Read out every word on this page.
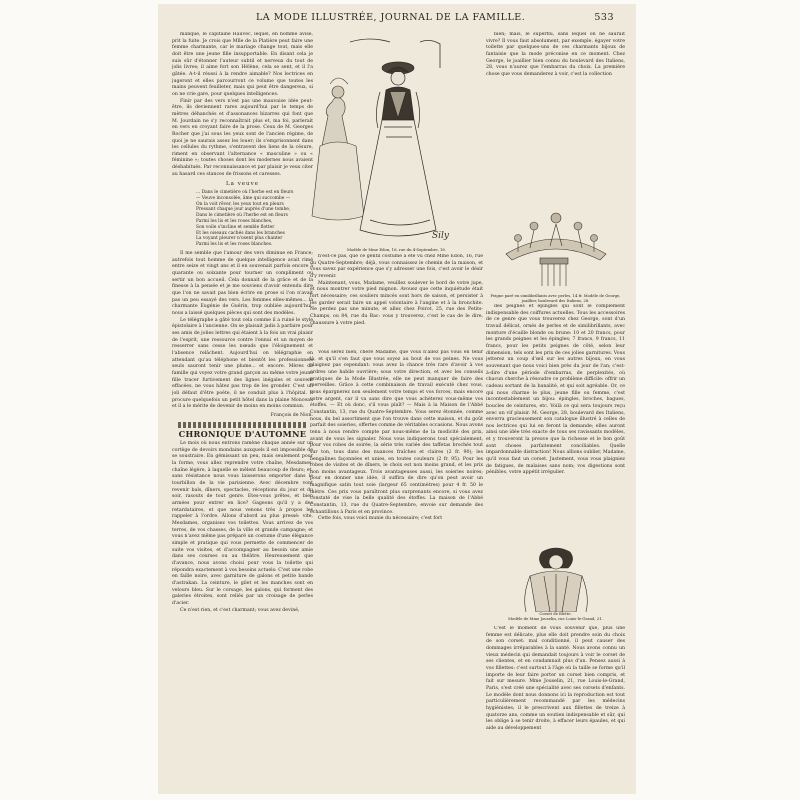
LA MODE ILLUSTRÉE, JOURNAL DE LA FAMILLE.	533

manqué, le capitaine Hauvec, lequel, en homme avisé, prit la fuite. Je crois que Mlle de la Platière peut faire une femme charmante, car le mariage change tout, mais elle doit être une jeune fille insupportable. En disant cela je suis sûr d'étonner l'auteur subtil et nerveux du tout de jolis livres; il aime fort son Hélène, cela se sent, et il l'a gâtée. A-t-il réussi à la rendre aimable? Nos lectrices en jugeront et elles parcourront ce volume que toutes les mains peuvent feuilleter, mais qui peut être dangereux, si on ne crie gare, pour quelques intelligences.

Finir par des vers n'est pas une mauvaise idée peut-être, ils deviennent rares aujourd'hui par le temps de mètres déhanchés et d'assonances bizarres qui font que M. Jourdain ne s'y reconnaîtrait plus et, ma foi, parlerait en vers en croyant faire de la prose. Ceux de M. Georges Rocher que j'ai sous les yeux sont de l'ancien régime, de quoi je ne saurais assez les louer; ils s'emprisonnent dans les cellules du rythme, s'entravent des liens de la césure, riment en observant l'alternance « masculine » ou « féminine »; toutes choses dont les modernes nous avaient déshabitués. Par reconnaissance et par plaisir je veux citer au hasard ces stances de frissons et caresses.

La veuve
... Dans le cimetière où l'herbe est en fleurs
— Veuve inconsolée, âme qui succombe —
On la voit rêver, les yeux tout en pleurs
Pressant chaque jour auprès d'une tombe,
Dans le cimetière où l'herbe est en fleurs
Parmi les lis et les roses blanches,
Son voile s'incline et semble flotter
Et les oiseaux cachés dans les branches
La voyant pleurer n'osent plus chanter
Parmi les lis et les roses blanches.

Il me semble que l'amour des vers diminue en France; autrefois tout homme de quelque intelligence avait rimé entre seize et vingt ans et il en souvenait parfois encore à quarante ou soixante pour tourner un compliment ou sertir un bon accueil. Cela donnait de la grâce et de la finesse à la pensée et je me souviens d'avoir entendu dire que l'on ne savait pas bien écrire en prose si l'on n'avait pas un peu essayé des vers. Les femmes elles-mêmes... la charmante Eugénie de Guérin, trop oubliée aujourd'hui, nous a laissé quelques pièces qui sont des modèles.

Le télégraphe a gâté tout cela comme il a ruiné le style épistolaire à l'ancienne. On se plaisait jadis à parfaire pour ses amis de jolies lettres qui étaient à la fois un vrai plaisir de l'esprit, une ressource contre l'ennui et un moyen de resserrer sans cesse les nœuds que l'éloignement et l'absence relâchent. Aujourd'hui on télégraphie en attendant qu'au téléphone et bientôt les professionnels seuls sauront tenir une plume... et encore. Mères de famille qui voyez votre grand garçon au même votre jeune fille tracer furtivement des lignes inégales et souvent effacées, ne vous hâtez pas trop de les gronder. C'est un joli défaut d'être poète, il ne conduit plus à l'hôpital. Il procure quelquefois un petit hôtel dans la plaine Monceau et il a le mérite de devenir de moins en moins commun.

François de Nion.
CHRONIQUE D'AUTOMNE

Le mois où nous entrons ramène chaque année sur un cortège de devoirs mondains auxquels il est impossible de se soustraire. En gémissant un peu, mais seulement pour la forme, vous allez reprendre votre chaîne, Mesdames: chaîne légère, à laquelle se mêlent beaucoup de fleurs; et, sans résistance nous vous laisserons emporter dans le tourbillon de la vie parisienne. Avec décembre vont revenir bals, dîners, spectacles, réceptions du jour et du soir, rasouts de tout genre. Etes-vous prêtes, et bien armées pour entrer en lice? Gageons qu'il y a des retardataires, et que nous venons très à propos les rappeler à l'ordre. Allons d'abord au plus pressé: vite, Mesdames, organisez vos toilettes. Vous arrivez de vos terres, de vos chasses, de la ville et grande campagne; et vous n'avez même pas préparé un costume d'une élégance simple et pratique qui vous permette de commencer de suite vos visites, et d'accompagner au besoin une amie dans ses courses ou au théâtre. Heureusement que d'avance, nous avons choisi pour vous la toilette qui répondra exactement à vos besoins actuels: C'est une robe en faille noire, avec garniture de galons et petite bande d'astrakan. La ceinture, le gilet et les manches sont en velours bleu. Sur le corsage, les galons, qui forment des galeries étroites, sont reliés par un croisage de perles d'acier.

Ce n'est rien, et c'est charmant; vous avez deviné,

Sily
Modèle de Mme Edon, 16, rue du 4-Septembre, 16.

n'est-ce pas, que ce gentil costume a été vu chez Mme Edon, 16, rue du Quatre-Septembre; déjà, vous connaissez le chemin de la maison, et vous savez par expérience que s'y adresser une fois, c'est avoir le désir d'y revenir.

Maintenant, vous, Madame, veuillez soulever le bord de votre jupe, et nous montrer votre pied mignon. Avouez que cette inquiétude était fort nécessaire; ces souliers mincés sont hors de saison, et persister à les garder serait faire un appel volontaire à l'angine et à la bronchite. Ne perdez pas une minute, et allez chez Poirot, 25, rue des Petits-Champs, ou 84, rue du Bac: vous y trouverez, c'est le cas de le dire, chaussure à votre pied.

Vous serez bien, chère Madame, que vous n'allez pas vous en tenir là, et qu'il s'en faut que vous soyez au bout de vos peines. Ne vous plaignez pas cependant: vous avez la chance très rare d'avoir à vos ordres une habile ouvrière; sous votre direction, et avec les conseils pratiques de la Mode Illustrée, elle ne peut manquer de faire des merveilles. Grâce à cette combinaison de travail exécuté chez vous, vous épargnerez non seulement votre temps et vos forces, mais encore votre argent, car il va sans dire que vous achèterez vous-même vos étoffes. — Et où donc, s'il vous plaît? — Mais à la Maison de l'Abbé Constantin, 13, rue du Quatre-Septembre. Vous serez étonnée, comme nous, du bel assortiment que l'on trouve dans cette maison, et du goût parfait des soieries, offertes comme de véritables occasions. Nous avons tenu à nous rendre compte par nous-même de la modicité des prix, avant de vous les signaler. Nous vous indiquerons tout spécialement, pour vos robes de soirée, la série très variée des taffetas brochés tout sur ton, tous dans des nuances fraîches et claires (2 fr. 90); les bengalines façonnées et unies, en toutes couleurs (2 fr. 95). Pour les robes de visites et de dîners, le choix est non moins grand, et les prix non moins avantageux. Trois avantageuses aussi, les soieries noires; pour en donner une idée, il suffira de dire qu'on peut avoir un magnifique satin tout soie (largeur 65 centimètres) pour 4 fr. 50 le mètre. Ces prix vous paraîtront plus surprenants encore, si vous avez constaté de vise la belle qualité des étoffes. La maison de l'Abbé Constantin, 13, rue du Quatre-Septembre, envoie sur demande des échantillons à Paris et en province.

Cette fois, vous voici munie du nécessaire; c'est fort

bien; mais, le superflu, sans lequel on ne saurait vivre? Il vous faut absolument, par exemple, égayer votre toilette par quelques-uns de ces charmants bijoux de fantaisie que la mode préconise en ce moment. Chez George, le joaillier bien connu du boulevard des Italiens, 28, vous n'aurez que l'embarras du choix. La première chose que vous demanderez à voir, c'est la collection

Peigne paré en similibrillants avec perles, 14 fr. Modèle de George, joaillier, boulevard des Italiens, 28.

des peignes et épingles qui sont le complément indispensable des coiffures actuelles. Tous les accessoires de ce genre que vous trouverez chez George, sont d'un travail délicat, ornés de perles et de similibrillants, avec monture d'écaille blonde ou brune: 10 et 20 francs, pour les grands peignes et les épingles; 7 francs, 9 francs, 11 francs, pour les petits peignes de côté, selon leur dimension, tels sont les prix de ces jolies garnitures. Vous jetterez un coup d'œil sur les autres bijoux, en vous souvenant que nous voici bien près du jour de l'an; c'est-à-dire d'une période d'embarras, de perplexités, où chacun cherche à résoudre ce problème difficile: offrir un cadeau sortant de la banalité, et qui soit agréable. Or, ce qui nous charme le plus, jeune fille ou femme, c'est incontestablement un bijou: épingles, broches, bagues, boucles de ceintures, etc. Voilà ce qui sera toujours reçu avec un vif plaisir. M. George, 28, boulevard des Italiens, enverra gracieusement son catalogue illustré à celles de nos lectrices qui lui en feront la demande; elles auront ainsi une idée très exacte de tous ses ravissants modèles, et y trouveront la preuve que la richesse et le bon goût sont choses parfaitement conciliables. Quelle impardonnable distraction! Nous allions oublier, Madame, qu'il vous faut un corset. Justement, vous vous plaigniez de fatigues, de malaises sans nom; vos digestions sont pénibles, votre appétit irrégulier.

Corset de filette.
Modèle de Mme Jouselin, rue Louis-le-Grand, 21.

C'est le moment de vous souvenir que, plus une femme est délicate, plus elle doit prendre soin du choix de son corset: mal conditionné, il peut causer des dommages irréparables à la santé. Nous avons connu un vieux médecin qui demandait toujours à voir le corset de ses clientes, et en condamnait plus d'un. Pensez aussi à vos fillettes: c'est surtout à l'âge où la taille se forme qu'il importe de leur faire porter un corset bien compris, et fait sur mesure. Mme Jouselin, 21, rue Louis-le-Grand, Paris, s'est créé une spécialité avec ses corsets d'enfants. Le modèle dont nous donnons ici la reproduction est tout particulièrement recommandé par les médecins hygiénistes; il le prescrivent aux fillettes de treize à quatorze ans, comme un soutien indispensable et sûr, qui les oblige à se tenir droite, à effacer leurs épaules, et qui aide au développement
